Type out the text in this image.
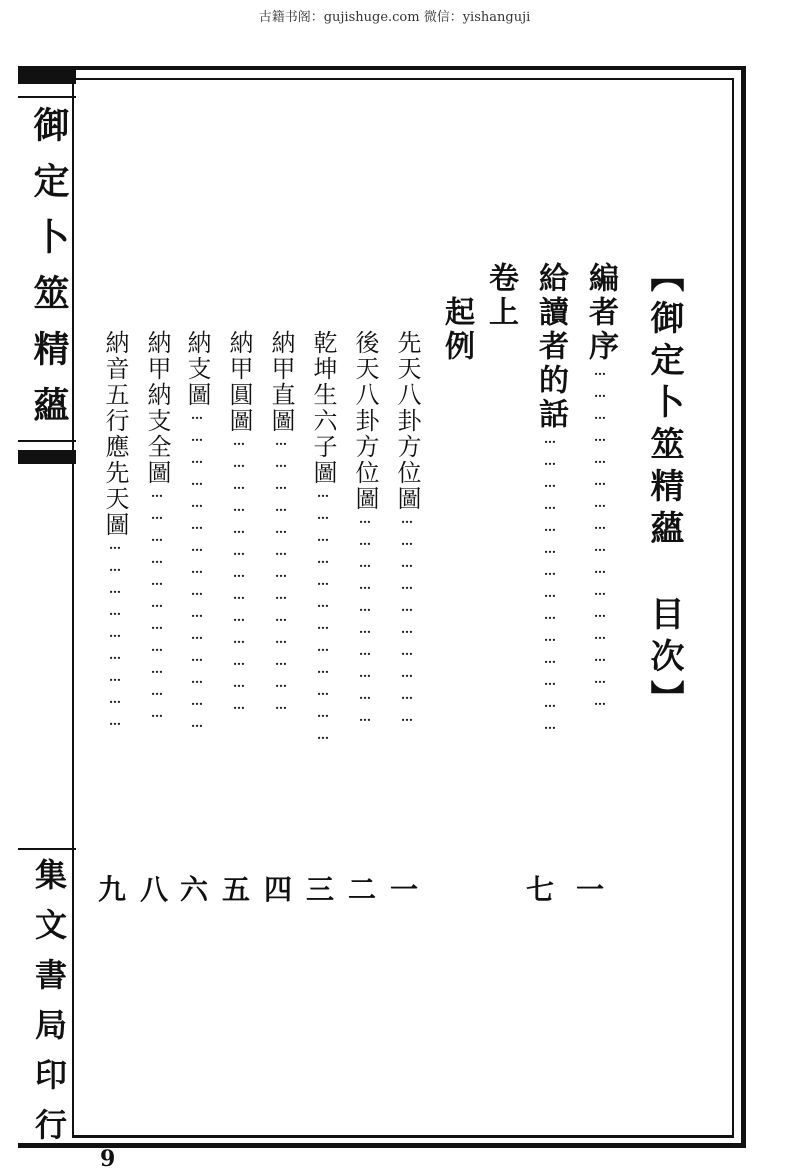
古籍书阁：gujishuge.com 微信：yishanguji
御定卜筮精蘊
集文書局印行
【御定卜筮精蘊目次】
編者序…………………………………………
給讀者的話……………………………………
卷上
起例
先天八卦方位圖…………………………
後天八卦方位圖…………………………
乾坤生六子圖………………………………
納甲直圖…………………………………
納甲圓圖…………………………………
納支圖………………………………………
納甲納支全圖……………………………
納音五行應先天圖………………………
一
七
一
二
三
四
五
六
八
九
9
